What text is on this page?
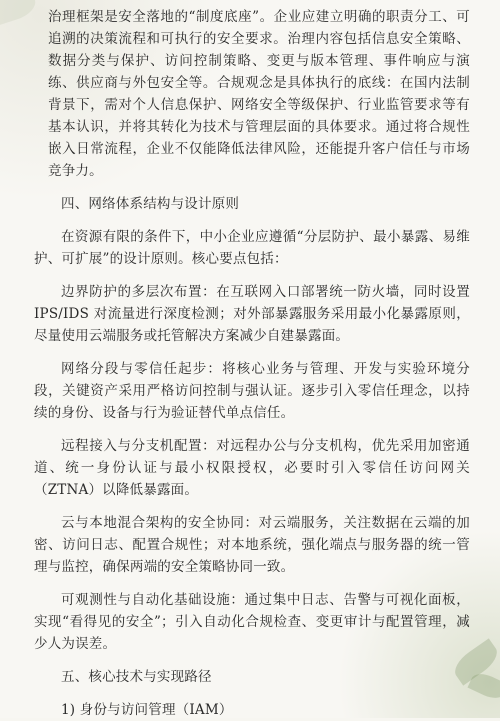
治理框架是安全落地的“制度底座”。企业应建立明确的职责分工、可追溯的决策流程和可执行的安全要求。治理内容包括信息安全策略、数据分类与保护、访问控制策略、变更与版本管理、事件响应与演练、供应商与外包安全等。合规观念是具体执行的底线：在国内法制背景下，需对个人信息保护、网络安全等级保护、行业监管要求等有基本认识，并将其转化为技术与管理层面的具体要求。通过将合规性嵌入日常流程，企业不仅能降低法律风险，还能提升客户信任与市场竞争力。

四、网络体系结构与设计原则

在资源有限的条件下，中小企业应遵循“分层防护、最小暴露、易维护、可扩展”的设计原则。核心要点包括：

边界防护的多层次布置：在互联网入口部署统一防火墙，同时设置 IPS/IDS 对流量进行深度检测；对外部暴露服务采用最小化暴露原则，尽量使用云端服务或托管解决方案减少自建暴露面。

网络分段与零信任起步：将核心业务与管理、开发与实验环境分段，关键资产采用严格访问控制与强认证。逐步引入零信任理念，以持续的身份、设备与行为验证替代单点信任。

远程接入与分支机配置：对远程办公与分支机构，优先采用加密通道、统一身份认证与最小权限授权，必要时引入零信任访问网关（ZTNA）以降低暴露面。

云与本地混合架构的安全协同：对云端服务，关注数据在云端的加密、访问日志、配置合规性；对本地系统，强化端点与服务器的统一管理与监控，确保两端的安全策略协同一致。

可观测性与自动化基础设施：通过集中日志、告警与可视化面板，实现“看得见的安全”；引入自动化合规检查、变更审计与配置管理，减少人为误差。

五、核心技术与实现路径

1) 身份与访问管理（IAM）
